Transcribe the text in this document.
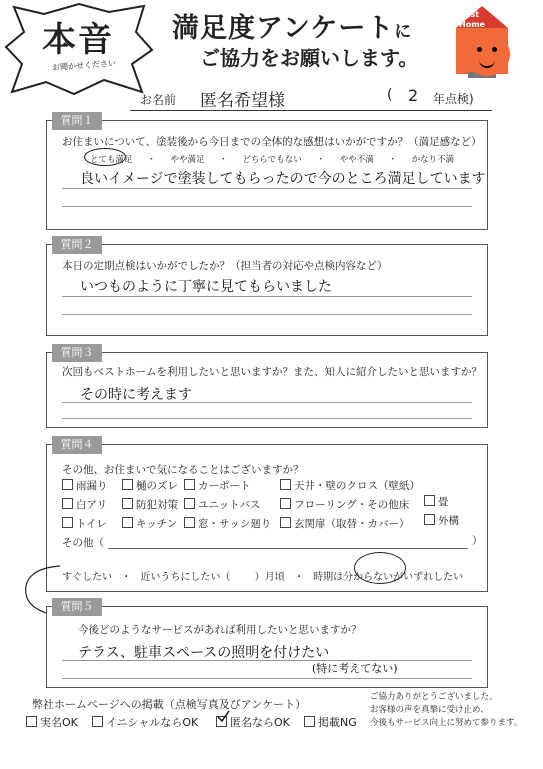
本音
お聞かせください
満足度アンケートに
ご協力をお願いします。
Best Home
お名前 匿名希望様	( 2 年点検)
質問１
お住まいについて、塗装後から今日までの全体的な感想はいかがですか？（満足感など）
とても満足 ・ やや満足 ・ どちらでもない ・ やや不満 ・ かなり不満
良いイメージで塗装してもらったので今のところ満足しています
質問２
本日の定期点検はいかがでしたか？（担当者の対応や点検内容など）
いつものように丁寧に見てもらいました
質問３
次回もベストホームを利用したいと思いますか？また、知人に紹介したいと思いますか？
その時に考えます
質問４
その他、お住まいで気になることはございますか？
雨漏り	樋のズレ	カーポート	天井・壁のクロス（壁紙）
白アリ	防犯対策	ユニットバス	フローリング・その他床	畳
トイレ	キッチン	窓・サッシ廻り	玄関扉（取替・カバー）	外構
その他（	）
すぐしたい ・ 近いうちにしたい（ ）月頃 ・ 時期は分からないがいずれしたい
質問５
今後どのようなサービスがあれば利用したいと思いますか？
テラス、駐車スペースの照明を付けたい
(特に考えてない)
弊社ホームページへの掲載（点検写真及びアンケート）
実名OK	イニシャルならOK	匿名ならOK	掲載NG
ご協力ありがとうございました。
お客様の声を真摯に受け止め、
今後もサービス向上に努めて参ります。
